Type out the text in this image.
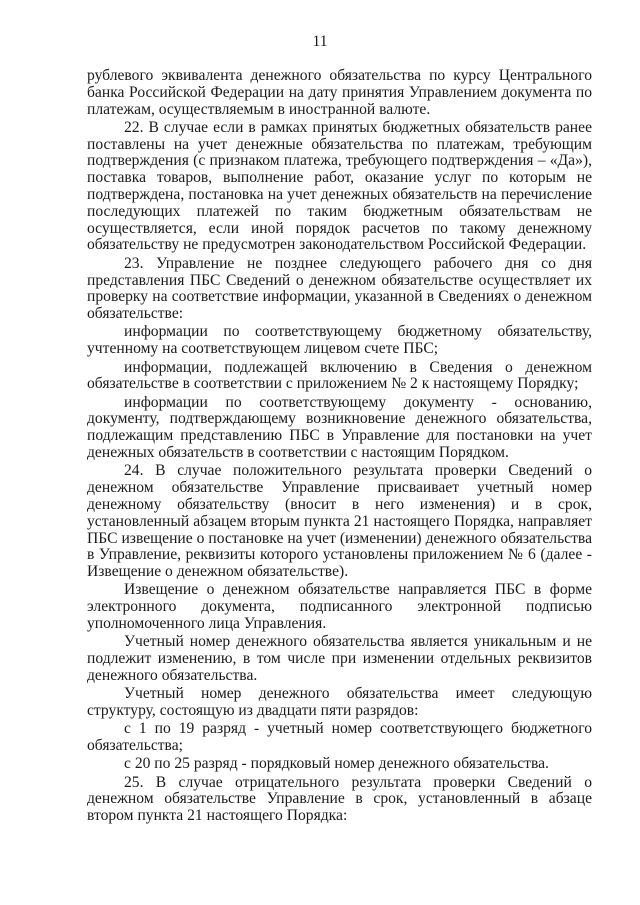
11

рублевого эквивалента денежного обязательства по курсу Центрального банка Российской Федерации на дату принятия Управлением документа по платежам, осуществляемым в иностранной валюте.

22. В случае если в рамках принятых бюджетных обязательств ранее поставлены на учет денежные обязательства по платежам, требующим подтверждения (с признаком платежа, требующего подтверждения – «Да»), поставка товаров, выполнение работ, оказание услуг по которым не подтверждена, постановка на учет денежных обязательств на перечисление последующих платежей по таким бюджетным обязательствам не осуществляется, если иной порядок расчетов по такому денежному обязательству не предусмотрен законодательством Российской Федерации.

23. Управление не позднее следующего рабочего дня со дня представления ПБС Сведений о денежном обязательстве осуществляет их проверку на соответствие информации, указанной в Сведениях о денежном обязательстве:

информации по соответствующему бюджетному обязательству, учтенному на соответствующем лицевом счете ПБС;

информации, подлежащей включению в Сведения о денежном обязательстве в соответствии с приложением № 2 к настоящему Порядку;

информации по соответствующему документу - основанию, документу, подтверждающему возникновение денежного обязательства, подлежащим представлению ПБС в Управление для постановки на учет денежных обязательств в соответствии с настоящим Порядком.

24. В случае положительного результата проверки Сведений о денежном обязательстве Управление присваивает учетный номер денежному обязательству (вносит в него изменения) и в срок, установленный абзацем вторым пункта 21 настоящего Порядка, направляет ПБС извещение о постановке на учет (изменении) денежного обязательства в Управление, реквизиты которого установлены приложением № 6 (далее - Извещение о денежном обязательстве).

Извещение о денежном обязательстве направляется ПБС в форме электронного документа, подписанного электронной подписью уполномоченного лица Управления.

Учетный номер денежного обязательства является уникальным и не подлежит изменению, в том числе при изменении отдельных реквизитов денежного обязательства.

Учетный номер денежного обязательства имеет следующую структуру, состоящую из двадцати пяти разрядов:

с 1 по 19 разряд - учетный номер соответствующего бюджетного обязательства;

с 20 по 25 разряд - порядковый номер денежного обязательства.

25. В случае отрицательного результата проверки Сведений о денежном обязательстве Управление в срок, установленный в абзаце втором пункта 21 настоящего Порядка:
